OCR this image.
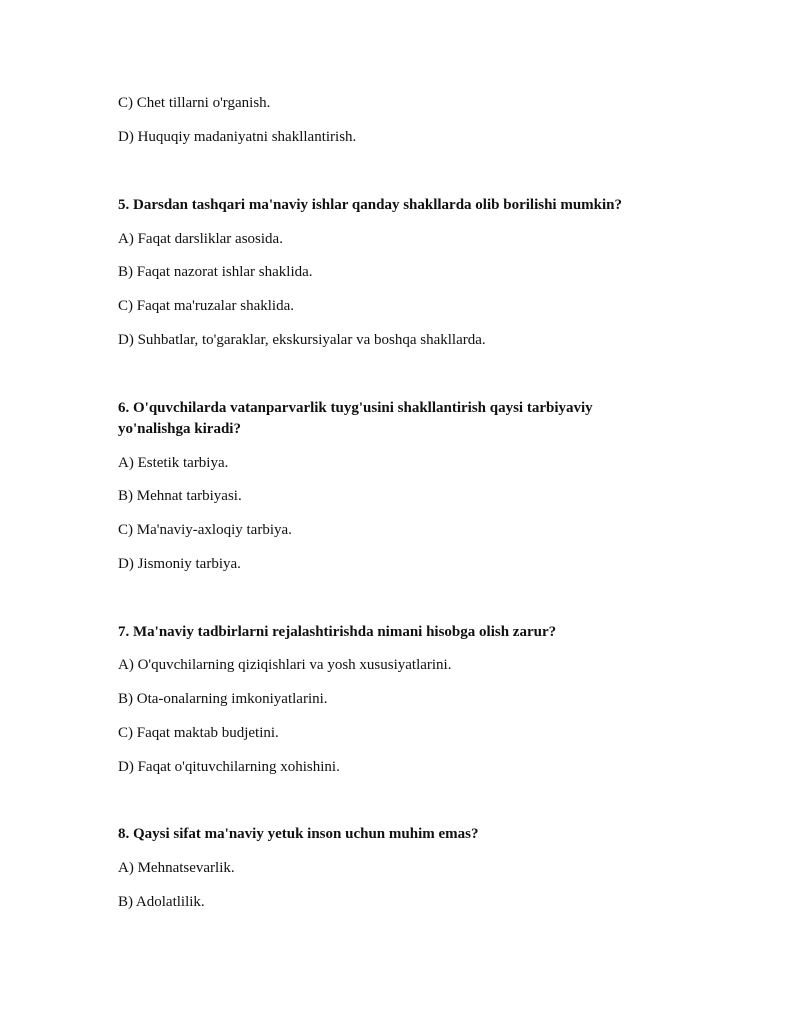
C) Chet tillarni o'rganish.
D) Huquqiy madaniyatni shakllantirish.
5. Darsdan tashqari ma'naviy ishlar qanday shakllarda olib borilishi mumkin?
A) Faqat darsliklar asosida.
B) Faqat nazorat ishlar shaklida.
C) Faqat ma'ruzalar shaklida.
D) Suhbatlar, to'garaklar, ekskursiyalar va boshqa shakllarda.
6. O'quvchilarda vatanparvarlik tuyg'usini shakllantirish qaysi tarbiyaviy
yo'nalishga kiradi?
A) Estetik tarbiya.
B) Mehnat tarbiyasi.
C) Ma'naviy-axloqiy tarbiya.
D) Jismoniy tarbiya.
7. Ma'naviy tadbirlarni rejalashtirishda nimani hisobga olish zarur?
A) O'quvchilarning qiziqishlari va yosh xususiyatlarini.
B) Ota-onalarning imkoniyatlarini.
C) Faqat maktab budjetini.
D) Faqat o'qituvchilarning xohishini.
8. Qaysi sifat ma'naviy yetuk inson uchun muhim emas?
A) Mehnatsevarlik.
B) Adolatlilik.
